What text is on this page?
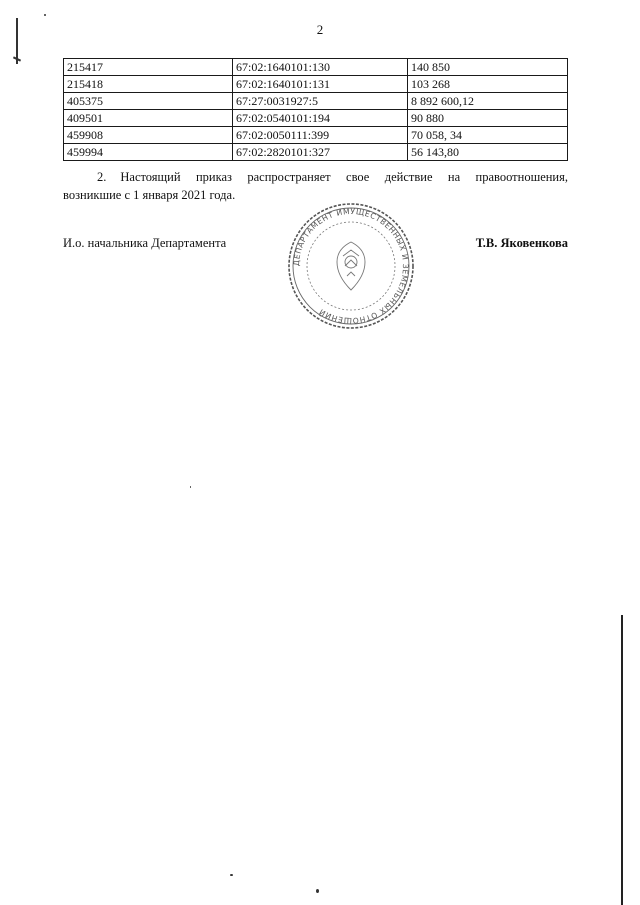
2
215417	67:02:1640101:130	140 850
215418	67:02:1640101:131	103 268
405375	67:27:0031927:5	8 892 600,12
409501	67:02:0540101:194	90 880
459908	67:02:0050111:399	70 058, 34
459994	67:02:2820101:327	56 143,80
2. Настоящий приказ распространяет свое действие на правоотношения,
возникшие с 1 января 2021 года.
И.о. начальника Департамента
ДЕПАРТАМЕНТ ИМУЩЕСТВЕННЫХ И ЗЕМЕЛЬНЫХ ОТНОШЕНИЙ
Т.В. Яковенкова
